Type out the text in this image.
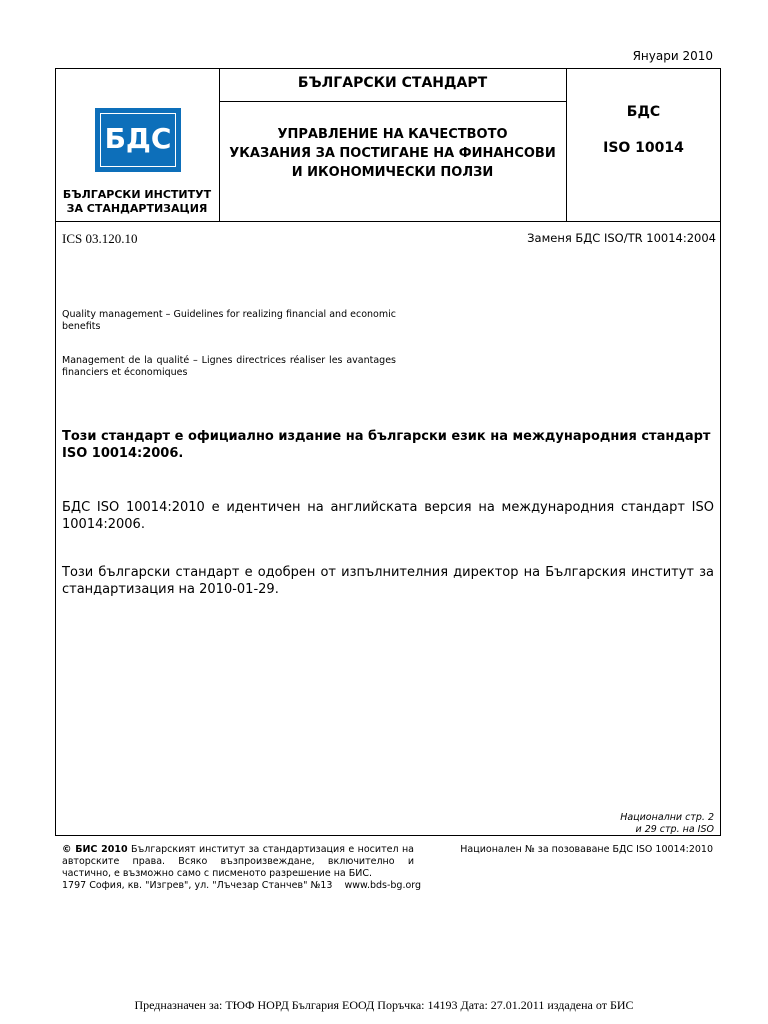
Януари 2010
БДС
БЪЛГАРСКИ ИНСТИТУТ
ЗА СТАНДАРТИЗАЦИЯ
БЪЛГАРСКИ СТАНДАРТ
УПРАВЛЕНИЕ НА КАЧЕСТВОТО
УКАЗАНИЯ ЗА ПОСТИГАНЕ НА ФИНАНСОВИ
И ИКОНОМИЧЕСКИ ПОЛЗИ
БДС
ISO 10014
ICS 03.120.10	Заменя БДС ISO/TR 10014:2004
Quality management – Guidelines for realizing financial and economic benefits
Management de la qualité – Lignes directrices réaliser les avantages financiers et économiques
Този стандарт е официално издание на български език на международния стандарт ISO 10014:2006.
БДС ISO 10014:2010 е идентичен на английската версия на международния стандарт ISO 10014:2006.
Този български стандарт е одобрен от изпълнителния директор на Българския институт за стандартизация на 2010-01-29.
Национални стр. 2
и 29 стр. на ISO
© БИС 2010 Българският институт за стандартизация е носител на авторските права. Всяко възпроизвеждане, включително и частично, е възможно само с писменото разрешение на БИС.
1797 София, кв. "Изгрев", ул. "Лъчезар Станчев" №13    www.bds-bg.org
Национален № за позоваване БДС ISO 10014:2010
Предназначен за: ТЮФ НОРД България ЕООД Поръчка: 14193 Дата: 27.01.2011 издадена от БИС
